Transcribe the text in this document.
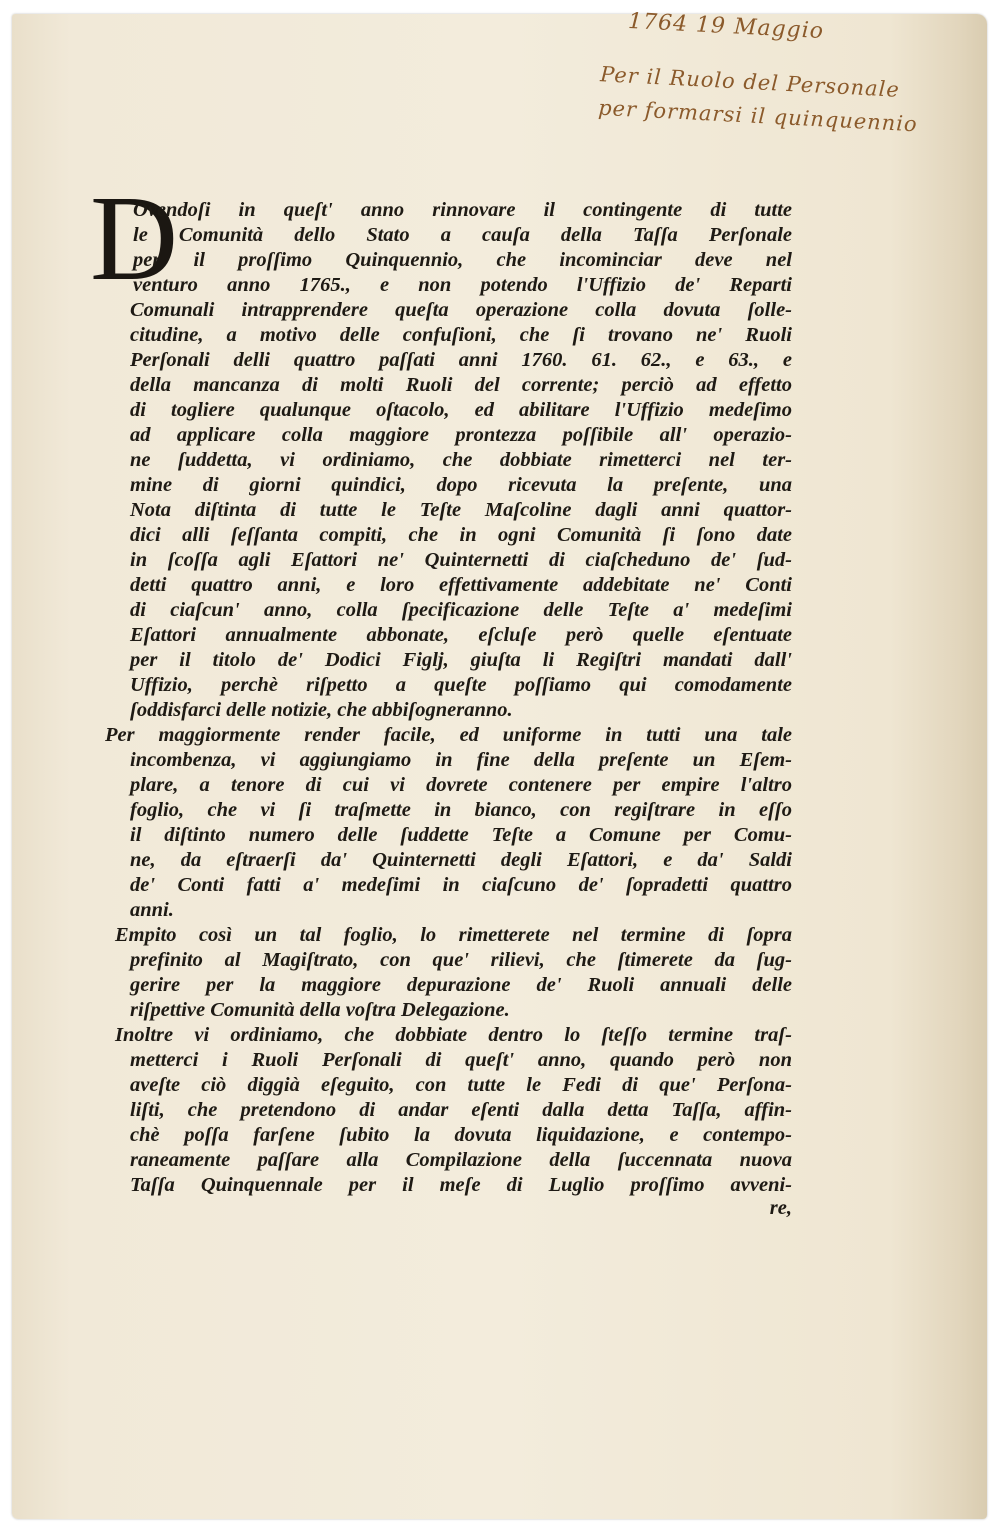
1764 19 Maggio
Per il Ruolo del Personale
per formarsi il quinquennio
D
Ovendoſi in queſt' anno rinnovare il contingente di tutte
le Comunità dello Stato a cauſa della Taſſa Perſonale
per il proſſimo Quinquennio, che incominciar deve nel
venturo anno 1765., e non potendo l'Uffizio de' Reparti
Comunali intrapprendere queſta operazione colla dovuta ſolle-
citudine, a motivo delle confuſioni, che ſi trovano ne' Ruoli
Perſonali delli quattro paſſati anni 1760. 61. 62., e 63., e
della mancanza di molti Ruoli del corrente; perciò ad effetto
di togliere qualunque oſtacolo, ed abilitare l'Uffizio medeſimo
ad applicare colla maggiore prontezza poſſibile all' operazio-
ne ſuddetta, vi ordiniamo, che dobbiate rimetterci nel ter-
mine di giorni quindici, dopo ricevuta la preſente, una
Nota diſtinta di tutte le Teſte Maſcoline dagli anni quattor-
dici alli ſeſſanta compiti, che in ogni Comunità ſi ſono date
in ſcoſſa agli Eſattori ne' Quinternetti di ciaſcheduno de' ſud-
detti quattro anni, e loro effettivamente addebitate ne' Conti
di ciaſcun' anno, colla ſpecificazione delle Teſte a' medeſimi
Eſattori annualmente abbonate, eſcluſe però quelle eſentuate
per il titolo de' Dodici Figlj, giuſta li Regiſtri mandati dall'
Uffizio, perchè riſpetto a queſte poſſiamo qui comodamente
ſoddisfarci delle notizie, che abbiſogneranno.
Per maggiormente render facile, ed uniforme in tutti una tale
incombenza, vi aggiungiamo in fine della preſente un Eſem-
plare, a tenore di cui vi dovrete contenere per empire l'altro
foglio, che vi ſi traſmette in bianco, con regiſtrare in eſſo
il diſtinto numero delle ſuddette Teſte a Comune per Comu-
ne, da eſtraerſi da' Quinternetti degli Eſattori, e da' Saldi
de' Conti fatti a' medeſimi in ciaſcuno de' ſopradetti quattro
anni.
Empito così un tal foglio, lo rimetterete nel termine di ſopra
prefinito al Magiſtrato, con que' rilievi, che ſtimerete da ſug-
gerire per la maggiore depurazione de' Ruoli annuali delle
riſpettive Comunità della voſtra Delegazione.
Inoltre vi ordiniamo, che dobbiate dentro lo ſteſſo termine traſ-
metterci i Ruoli Perſonali di queſt' anno, quando però non
aveſte ciò diggià eſeguito, con tutte le Fedi di que' Perſona-
liſti, che pretendono di andar eſenti dalla detta Taſſa, affin-
chè poſſa farſene ſubito la dovuta liquidazione, e contempo-
raneamente paſſare alla Compilazione della ſuccennata nuova
Taſſa Quinquennale per il meſe di Luglio proſſimo avveni-
re,
